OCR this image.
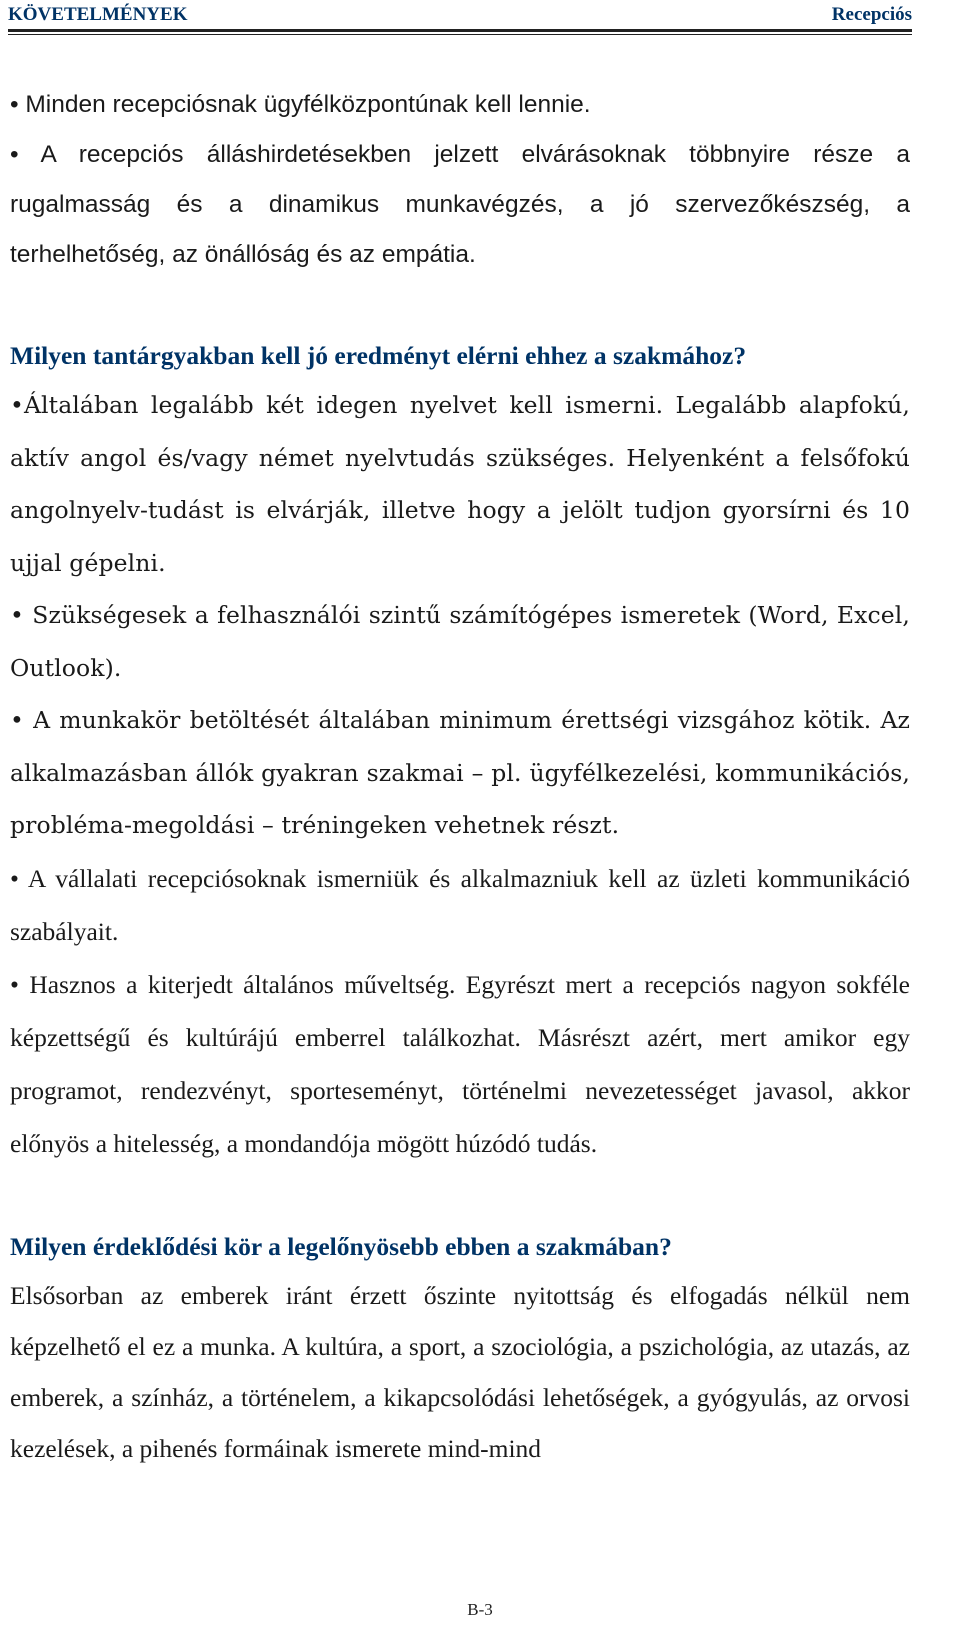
KÖVETELMÉNYEK	Recepciós

• Minden recepciósnak ügyfélközpontúnak kell lennie.

• A recepciós álláshirdetésekben jelzett elvárásoknak többnyire része a rugalmasság és a dinamikus munkavégzés, a jó szervezőkészség, a terhelhetőség, az önállóság és az empátia.

Milyen tantárgyakban kell jó eredményt elérni ehhez a szakmához?

•Általában legalább két idegen nyelvet kell ismerni. Legalább alapfokú, aktív angol és/vagy német nyelvtudás szükséges. Helyenként a felsőfokú angolnyelv-tudást is elvárják, illetve hogy a jelölt tudjon gyorsírni és 10 ujjal gépelni.

• Szükségesek a felhasználói szintű számítógépes ismeretek (Word, Excel, Outlook).

• A munkakör betöltését általában minimum érettségi vizsgához kötik. Az alkalmazásban állók gyakran szakmai – pl. ügyfélkezelési, kommunikációs, probléma-megoldási – tréningeken vehetnek részt.

• A vállalati recepciósoknak ismerniük és alkalmazniuk kell az üzleti kommunikáció szabályait.

• Hasznos a kiterjedt általános műveltség. Egyrészt mert a recepciós nagyon sokféle képzettségű és kultúrájú emberrel találkozhat. Másrészt azért, mert amikor egy programot, rendezvényt, sporteseményt, történelmi nevezetességet javasol, akkor előnyös a hitelesség, a mondandója mögött húzódó tudás.

Milyen érdeklődési kör a legelőnyösebb ebben a szakmában?

Elsősorban az emberek iránt érzett őszinte nyitottság és elfogadás nélkül nem képzelhető el ez a munka. A kultúra, a sport, a szociológia, a pszichológia, az utazás, az emberek, a színház, a történelem, a kikapcsolódási lehetőségek, a gyógyulás, az orvosi kezelések, a pihenés formáinak ismerete mind-mind

B-3
